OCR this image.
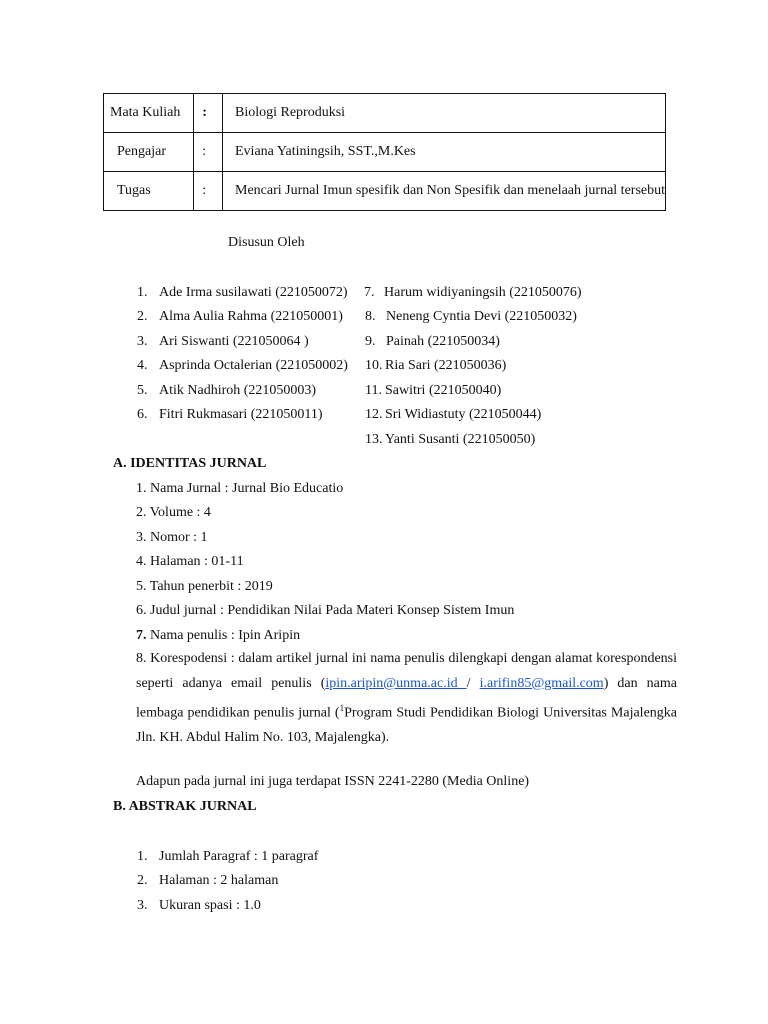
Mata Kuliah	:	Biologi Reproduksi
Pengajar	:	Eviana Yatiningsih, SST.,M.Kes
Tugas	:	Mencari Jurnal Imun spesifik dan Non Spesifik dan menelaah jurnal tersebut
Disusun Oleh
1. Ade Irma susilawati (221050072)
2. Alma Aulia Rahma (221050001)
3. Ari Siswanti (221050064 )
4. Asprinda Octalerian (221050002)
5. Atik Nadhiroh (221050003)
6. Fitri Rukmasari (221050011)
7. Harum widiyaningsih (221050076)
8. Neneng Cyntia Devi (221050032)
9. Painah (221050034)
10. Ria Sari (221050036)
11. Sawitri (221050040)
12. Sri Widiastuty (221050044)
13. Yanti Susanti (221050050)
A. IDENTITAS JURNAL
1. Nama Jurnal : Jurnal Bio Educatio
2. Volume : 4
3. Nomor : 1
4. Halaman : 01-11
5. Tahun penerbit : 2019
6. Judul jurnal : Pendidikan Nilai Pada Materi Konsep Sistem Imun
7. Nama penulis : Ipin Aripin
8. Korespodensi : dalam artikel jurnal ini nama penulis dilengkapi dengan alamat korespondensi seperti adanya email penulis (ipin.aripin@unma.ac.id / i.arifin85@gmail.com) dan nama lembaga pendidikan penulis jurnal ($^1$Program Studi Pendidikan Biologi Universitas Majalengka Jln. KH. Abdul Halim No. 103, Majalengka).
Adapun pada jurnal ini juga terdapat ISSN 2241-2280 (Media Online)
B. ABSTRAK JURNAL
1. Jumlah Paragraf : 1 paragraf
2. Halaman : 2 halaman
3. Ukuran spasi : 1.0
